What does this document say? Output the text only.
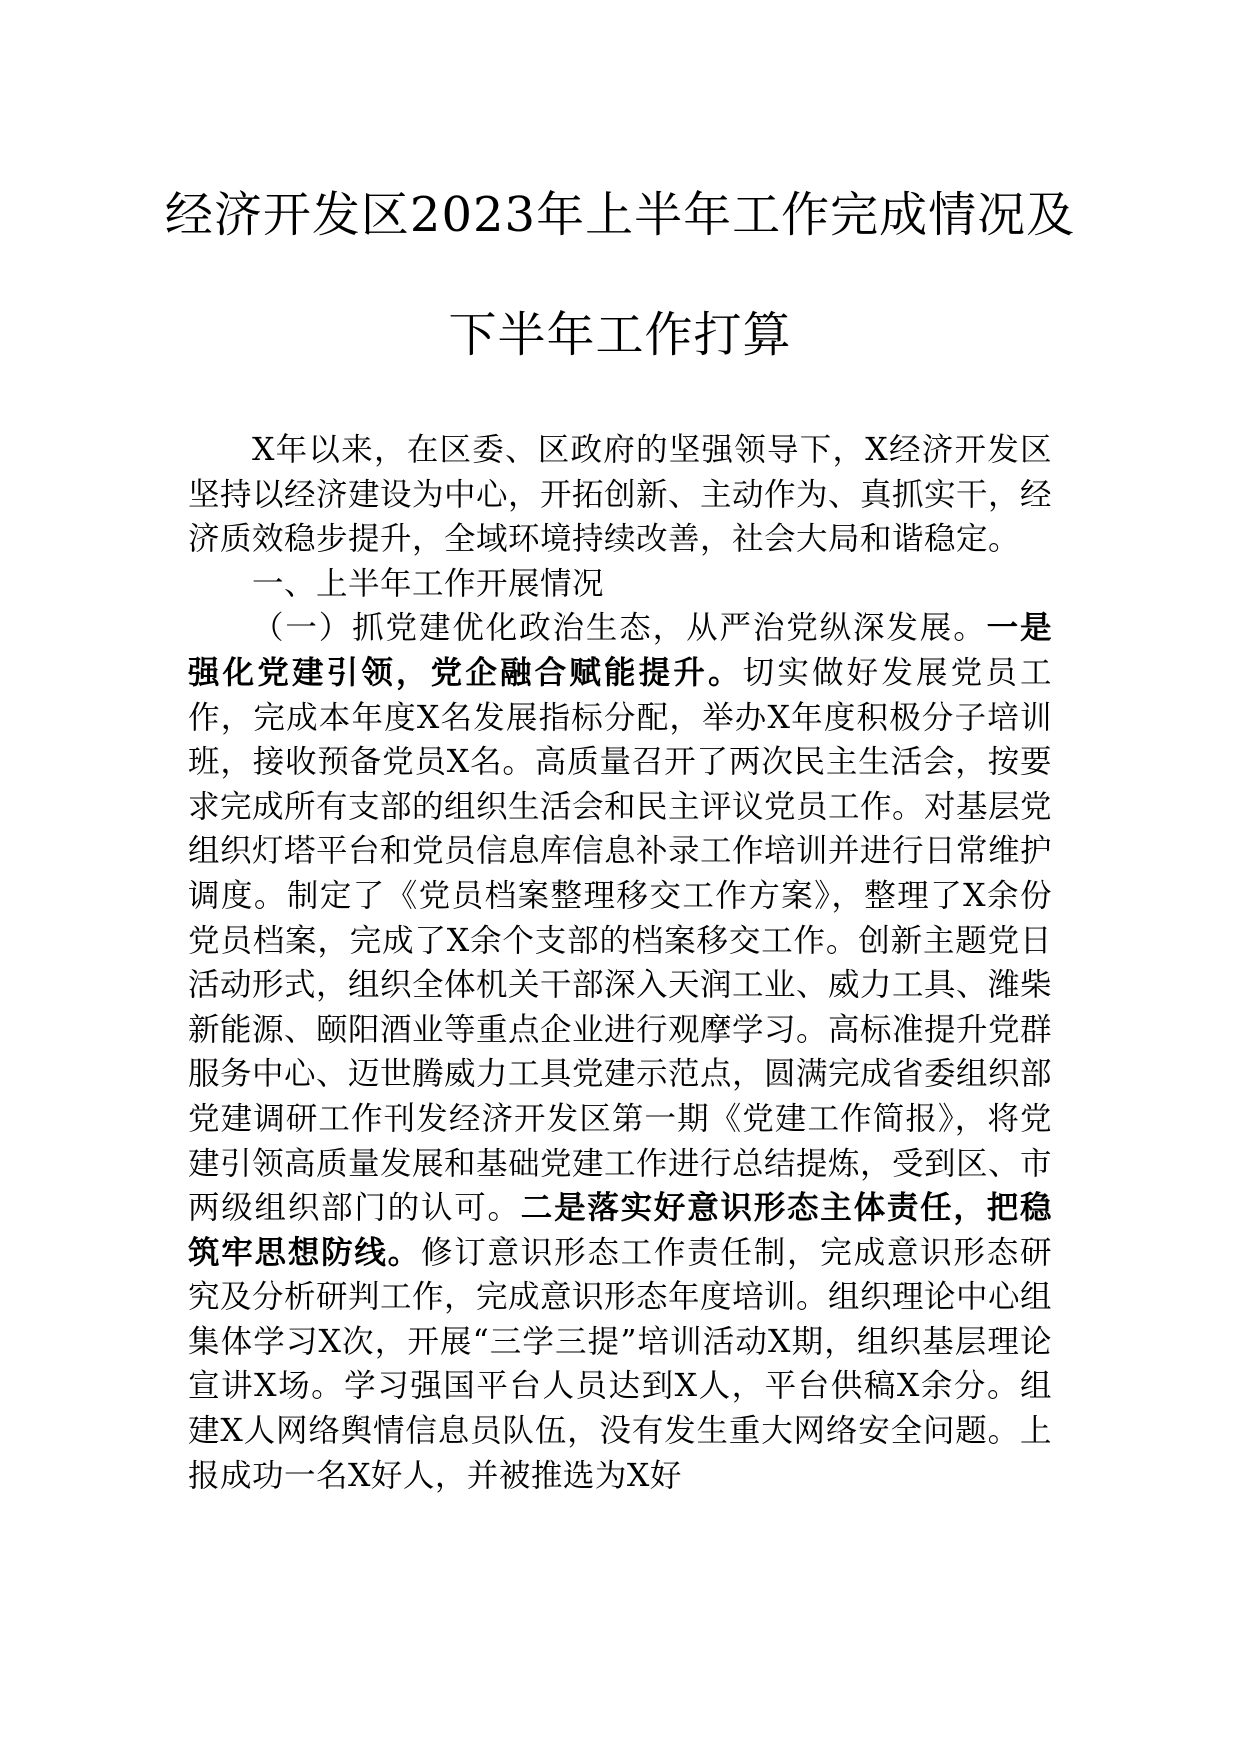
经济开发区2023年上半年工作完成情况及
下半年工作打算

X年以来，在区委、区政府的坚强领导下，X经济开发区坚持以经济建设为中心，开拓创新、主动作为、真抓实干，经济质效稳步提升，全域环境持续改善，社会大局和谐稳定。

一、上半年工作开展情况

（一）抓党建优化政治生态，从严治党纵深发展。一是强化党建引领，党企融合赋能提升。切实做好发展党员工作，完成本年度X名发展指标分配，举办X年度积极分子培训班，接收预备党员X名。高质量召开了两次民主生活会，按要求完成所有支部的组织生活会和民主评议党员工作。对基层党组织灯塔平台和党员信息库信息补录工作培训并进行日常维护调度。制定了《党员档案整理移交工作方案》，整理了X余份党员档案，完成了X余个支部的档案移交工作。创新主题党日活动形式，组织全体机关干部深入天润工业、威力工具、潍柴新能源、颐阳酒业等重点企业进行观摩学习。高标准提升党群服务中心、迈世腾威力工具党建示范点，圆满完成省委组织部党建调研工作刊发经济开发区第一期《党建工作简报》，将党建引领高质量发展和基础党建工作进行总结提炼，受到区、市两级组织部门的认可。二是落实好意识形态主体责任，把稳筑牢思想防线。修订意识形态工作责任制，完成意识形态研究及分析研判工作，完成意识形态年度培训。组织理论中心组集体学习X次，开展“三学三提”培训活动X期，组织基层理论宣讲X场。学习强国平台人员达到X人，平台供稿X余分。组建X人网络舆情信息员队伍，没有发生重大网络安全问题。上报成功一名X好人，并被推选为X好
